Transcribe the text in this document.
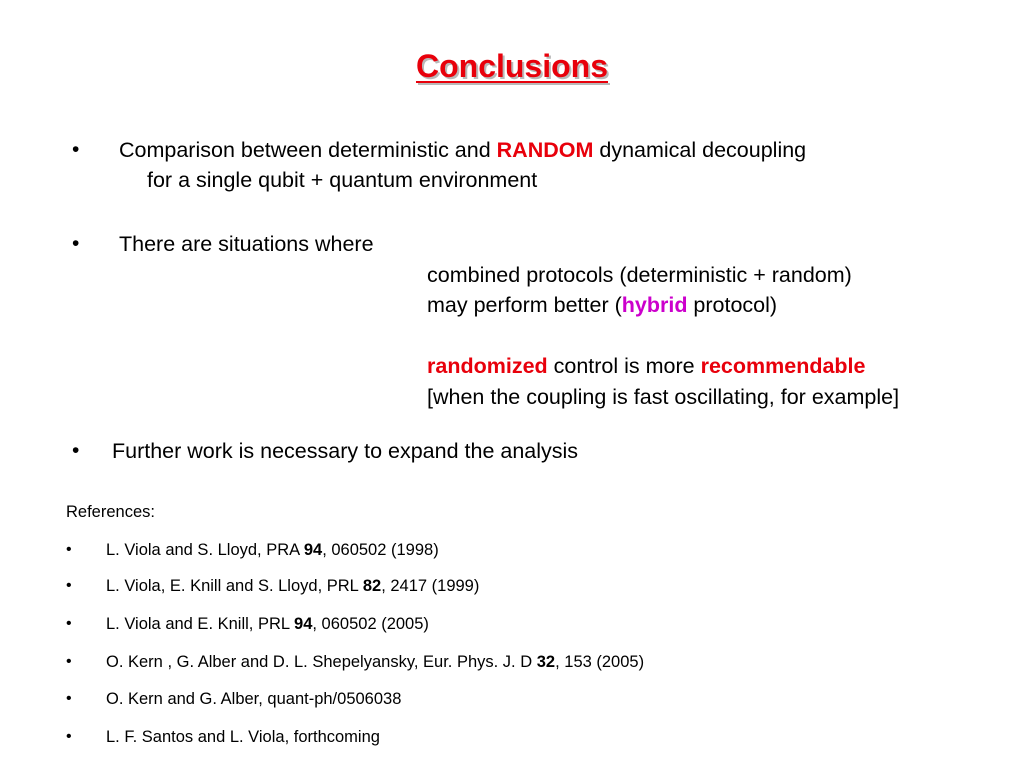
Conclusions
• Comparison between deterministic and RANDOM dynamical decoupling
for a single qubit + quantum environment
• There are situations where
combined protocols (deterministic + random)
may perform better (hybrid protocol)
randomized control is more recommendable
[when the coupling is fast oscillating, for example]
• Further work is necessary to expand the analysis
References:
• L. Viola and S. Lloyd, PRA 94, 060502 (1998)
• L. Viola, E. Knill and S. Lloyd, PRL 82, 2417 (1999)
• L. Viola and E. Knill, PRL 94, 060502 (2005)
• O. Kern , G. Alber and D. L. Shepelyansky, Eur. Phys. J. D 32, 153 (2005)
• O. Kern and G. Alber, quant-ph/0506038
• L. F. Santos and L. Viola, forthcoming
